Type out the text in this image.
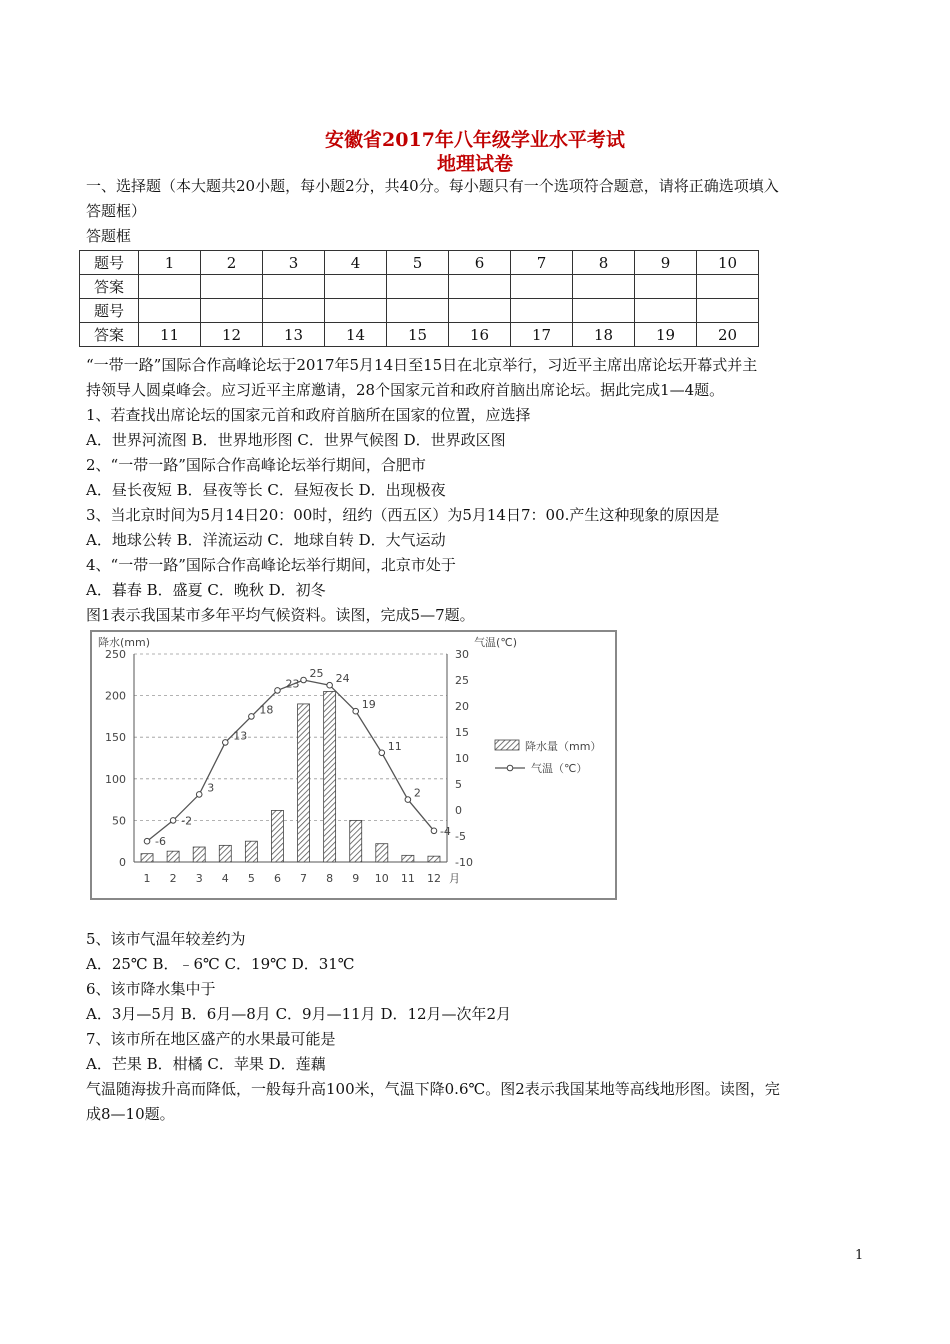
安徽省2017年八年级学业水平考试
地理试卷
一、选择题（本大题共20小题，每小题2分，共40分。每小题只有一个选项符合题意，请将正确选项填入
答题框）
答题框
题号	1	2	3	4	5	6	7	8	9	10
答案										
题号										
答案	11	12	13	14	15	16	17	18	19	20
“一带一路”国际合作高峰论坛于2017年5月14日至15日在北京举行，习近平主席出席论坛开幕式并主
持领导人圆桌峰会。应习近平主席邀请，28个国家元首和政府首脑出席论坛。据此完成1—4题。
1、若查找出席论坛的国家元首和政府首脑所在国家的位置，应选择
A．世界河流图 B．世界地形图 C．世界气候图 D．世界政区图
2、“一带一路”国际合作高峰论坛举行期间，合肥市
A．昼长夜短 B．昼夜等长 C．昼短夜长 D．出现极夜
3、当北京时间为5月14日20：00时，纽约（西五区）为5月14日7：00.产生这种现象的原因是
A．地球公转 B．洋流运动 C．地球自转 D．大气运动
4、“一带一路”国际合作高峰论坛举行期间，北京市处于
A．暮春 B．盛夏 C．晚秋 D．初冬
图1表示我国某市多年平均气候资料。读图，完成5—7题。
0
50
100
150
200
250
-10
-5
0
5
10
15
20
25
30
降水(mm)	气温(℃)
1 2 3 4 5 6 7 8 9 10 11 12 月
-6
-2
3
13
18
23
25 24
19
11
2
-4
降水量（mm）
气温（℃）
5、该市气温年较差约为
A．25℃ B．﹣6℃ C．19℃ D．31℃
6、该市降水集中于
A．3月—5月 B．6月—8月 C．9月—11月 D．12月—次年2月
7、该市所在地区盛产的水果最可能是
A．芒果 B．柑橘 C．苹果 D．莲藕
气温随海拔升高而降低，一般每升高100米，气温下降0.6℃。图2表示我国某地等高线地形图。读图，完
成8—10题。
1
